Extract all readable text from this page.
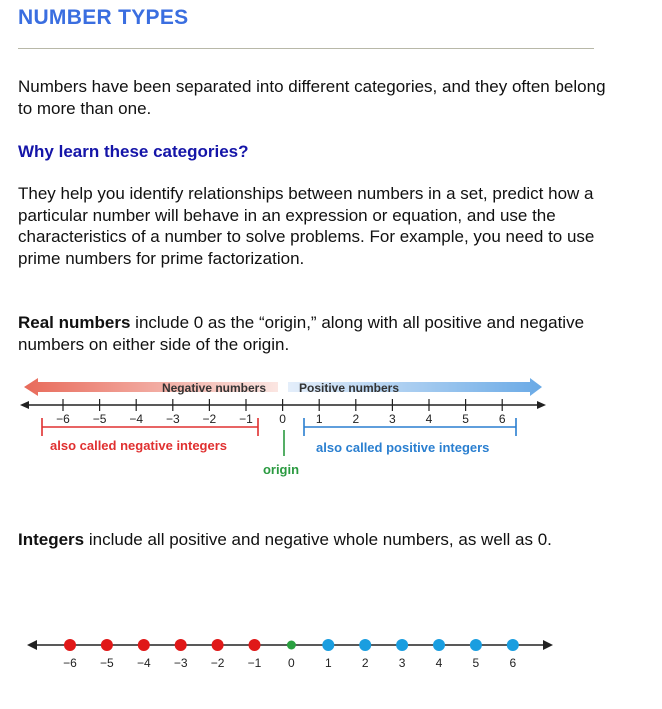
NUMBER TYPES

Numbers have been separated into different categories, and they often belong to more than one.

Why learn these categories?

They help you identify relationships between numbers in a set, predict how a particular number will behave in an expression or equation, and use the characteristics of a number to solve problems. For example, you need to use prime numbers for prime factorization.

Real numbers include 0 as the “origin,” along with all positive and negative numbers on either side of the origin.

Negative numbers	Positive numbers
−6 −5 −4 −3 −2 −1 0 1 2 3 4 5 6
also called negative integers	also called positive integers
origin

Integers include all positive and negative whole numbers, as well as 0.

−6 −5 −4 −3 −2 −1 0	1	2	3	4	5	6
